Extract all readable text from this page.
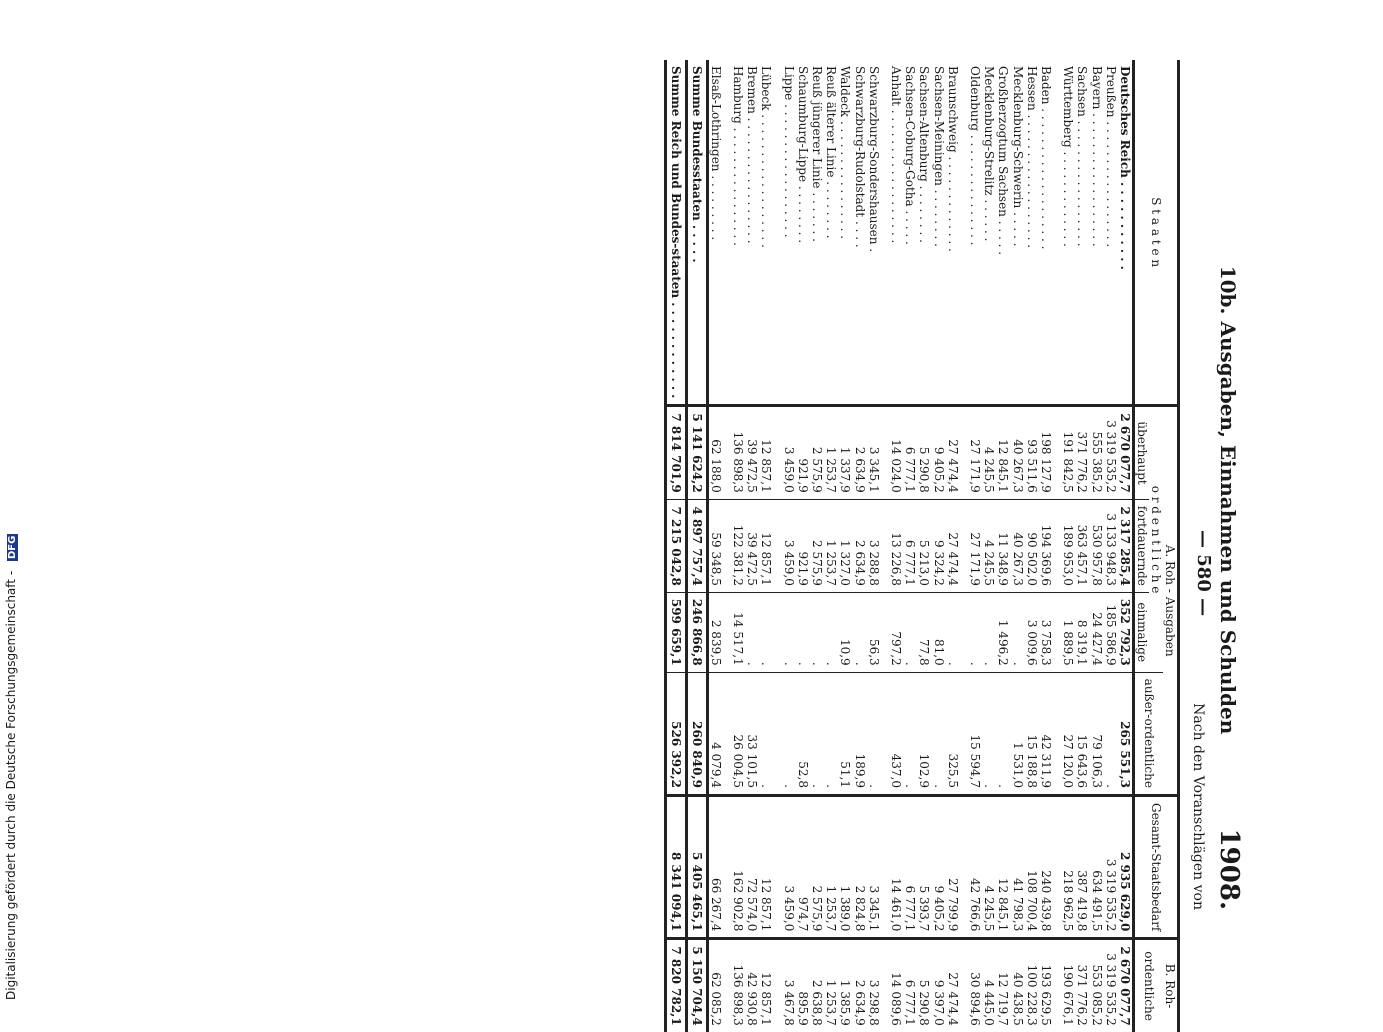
10b. Ausgaben, Einnahmen und Schulden
1908.
Nach den Voranschlägen von
S t a a t e n	A. Roh - Ausgaben				Gesamt-Staatsbedarf	B. Roh-
	o r d e n t l i c h e			außer-ordentliche		ordentliche
	überhaupt	fortdauernde	einmalige			
Deutsches Reich . . . . . . . . . . .	2 670 077,7	2 317 285,4	352 792,3	265 551,3	2 935 629,0	2 670 077,7
Preußen . . . . . . . . . . . . . . . . .	3 319 535,2	3 133 948,3	185 586,9	.	3 319 535,2	3 319 535,2
Bayern . . . . . . . . . . . . . . . . . .	555 385,2	530 957,8	24 427,4	79 106,3	634 491,5	553 085,2
Sachsen . . . . . . . . . . . . . . . . .	371 776,2	363 457,1	8 319,1	15 643,6	387 419,8	371 776,2
Württemberg . . . . . . . . . . . . .	191 842,5	189 953,0	1 889,5	27 120,0	218 962,5	190 676,1

Baden . . . . . . . . . . . . . . . . . . .	198 127,9	194 369,6	3 758,3	42 311,9	240 439,8	193 629,5
Hessen . . . . . . . . . . . . . . . . . .	93 511,6	90 502,0	3 009,6	15 188,8	108 700,4	100 228,3
Mecklenburg-Schwerin . . . . .	40 267,3	40 267,3	.	1 531,0	41 798,3	40 438,5
Großherzogtum Sachsen . . . . .	12 845,1	11 348,9	1 496,2	.	12 845,1	12 719,7
Mecklenburg-Strelitz . . . . . .	4 245,5	4 245,5	.	.	4 245,5	4 445,0
Oldenburg . . . . . . . . . . . . . . .	27 171,9	27 171,9	.	15 594,7	42 766,6	30 894,6

Braunschweig . . . . . . . . . . . . .	27 474,4	27 474,4	.	325,5	27 799,9	27 474,4
Sachsen-Meiningen . . . . . . . .	9 405,2	9 324,2	81,0	.	9 405,2	9 397,0
Sachsen-Altenburg . . . . . . . .	5 290,8	5 213,0	77,8	102,9	5 393,7	5 290,8
Sachsen-Coburg-Gotha . . . . .	6 777,1	6 777,1	.	.	6 777,1	6 777,1
Anhalt . . . . . . . . . . . . . . . . . .	14 024,0	13 226,8	797,2	437,0	14 461,0	14 089,6

Schwarzburg-Sondershausen .	3 345,1	3 288,8	56,3	.	3 345,1	3 298,8
Schwarzburg-Rudolstadt . . . .	2 634,9	2 634,9	.	189,9	2 824,8	2 634,9
Waldeck . . . . . . . . . . . . . . . .	1 337,9	1 327,0	10,9	51,1	1 389,0	1 385,9
Reuß älterer Linie . . . . . . . .	1 253,7	1 253,7	.	.	1 253,7	1 253,7
Reuß jüngerer Linie . . . . . . .	2 575,9	2 575,9	.	.	2 575,9	2 638,8
Schaumburg-Lippe . . . . . . . .	921,9	921,9	.	52,8	974,7	895,9
Lippe . . . . . . . . . . . . . . . . . .	3 459,0	3 459,0	.	.	3 459,0	3 467,8

Lübeck . . . . . . . . . . . . . . . . . .	12 857,1	12 857,1	.	.	12 857,1	12 857,1
Bremen . . . . . . . . . . . . . . . . .	39 472,5	39 472,5	.	33 101,5	72 574,0	42 930,8
Hamburg . . . . . . . . . . . . . . . .	136 898,3	122 381,2	14 517,1	26 004,5	162 902,8	136 898,3

Elsaß-Lothringen . . . . . . . . .	62 188,0	59 348,5	2 839,5	4 079,4	66 267,4	62 085,2
Summe Bundesstaaten . . . . .	5 141 624,2	4 897 757,4	246 866,8	260 840,9	5 405 465,1	5 150 704,4
Summe Reich und Bundes-staaten . . . . . . . . . . . .	7 814 701,9	7 215 042,8	599 659,1	526 392,2	8 341 094,1	7 820 782,1
— 580 —
Digitalisierung gefördert durch die Deutsche Forschungsgemeinschaft - DFG
